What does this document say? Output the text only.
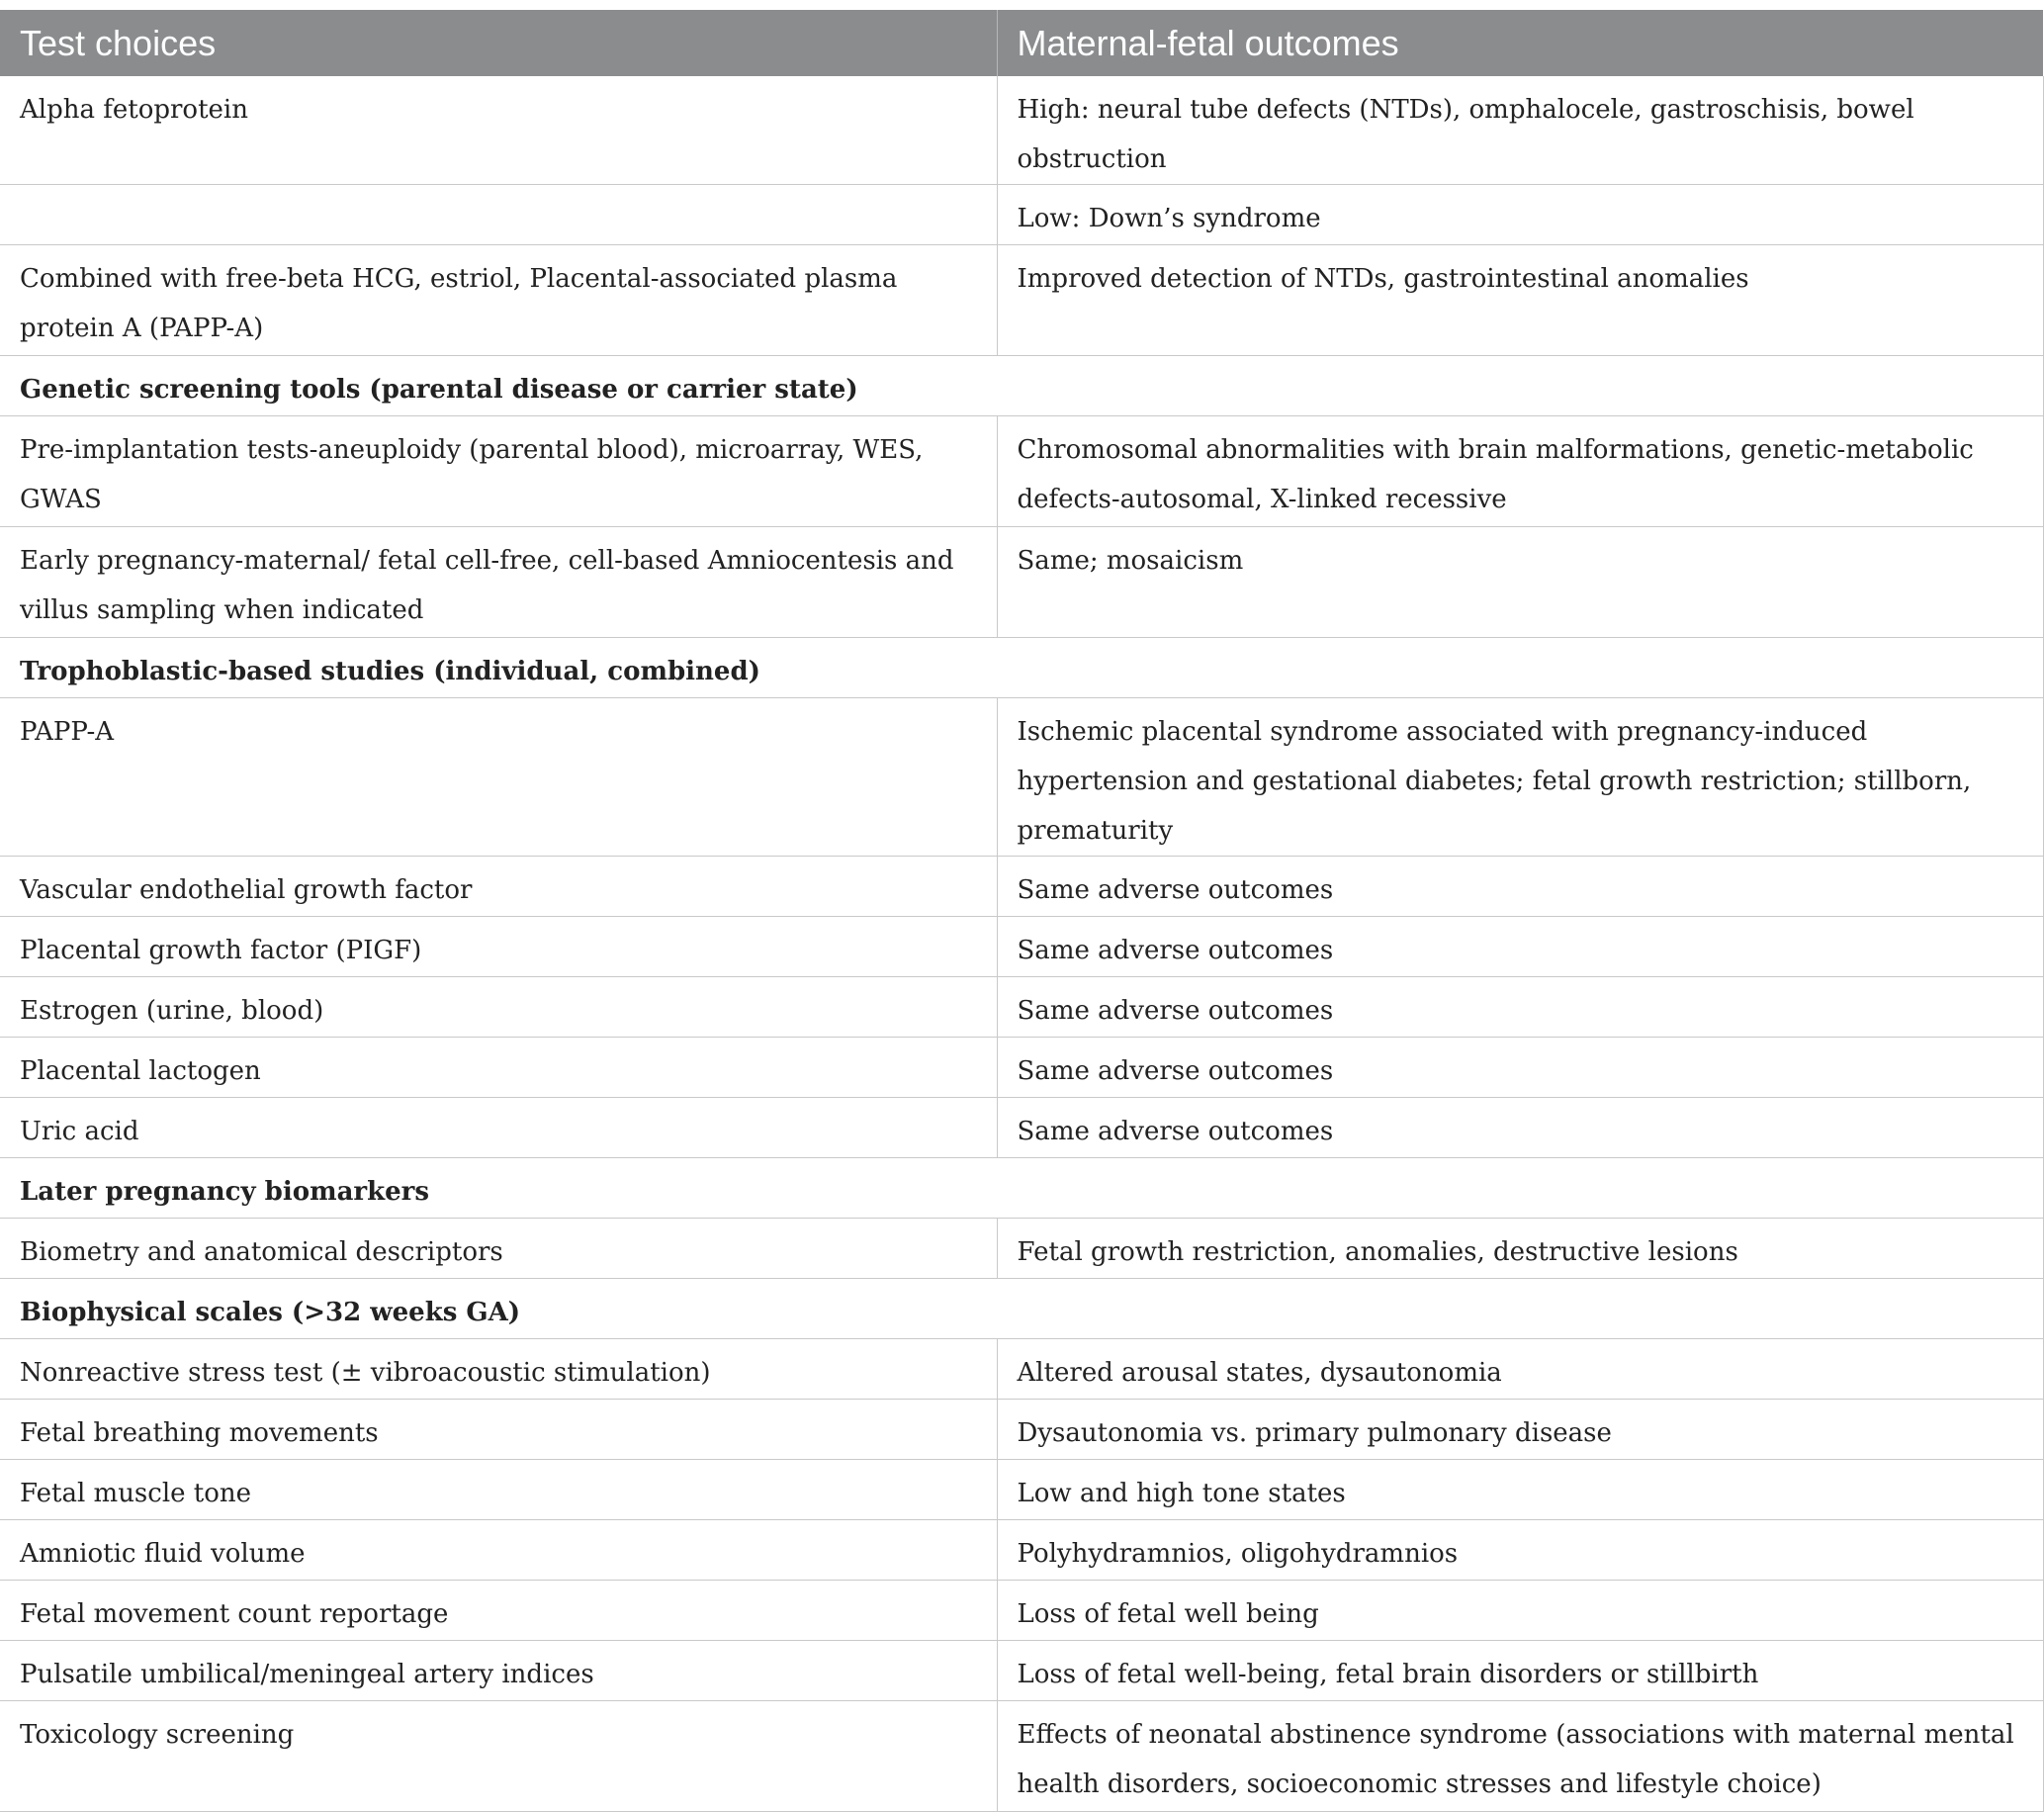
Test choices	Maternal-fetal outcomes
Alpha fetoprotein	High: neural tube defects (NTDs), omphalocele, gastroschisis, bowel obstruction
	Low: Down’s syndrome
Combined with free-beta HCG, estriol, Placental-associated plasma protein A (PAPP-A)	Improved detection of NTDs, gastrointestinal anomalies
Genetic screening tools (parental disease or carrier state)	
Pre-implantation tests-aneuploidy (parental blood), microarray, WES, GWAS	Chromosomal abnormalities with brain malformations, genetic-metabolic defects-autosomal, X-linked recessive
Early pregnancy-maternal/ fetal cell-free, cell-based Amniocentesis and villus sampling when indicated	Same; mosaicism
Trophoblastic-based studies (individual, combined)	
PAPP-A	Ischemic placental syndrome associated with pregnancy-induced hypertension and gestational diabetes; fetal growth restriction; stillborn, prematurity
Vascular endothelial growth factor	Same adverse outcomes
Placental growth factor (PIGF)	Same adverse outcomes
Estrogen (urine, blood)	Same adverse outcomes
Placental lactogen	Same adverse outcomes
Uric acid	Same adverse outcomes
Later pregnancy biomarkers	
Biometry and anatomical descriptors	Fetal growth restriction, anomalies, destructive lesions
Biophysical scales (>32 weeks GA)	
Nonreactive stress test (± vibroacoustic stimulation)	Altered arousal states, dysautonomia
Fetal breathing movements	Dysautonomia vs. primary pulmonary disease
Fetal muscle tone	Low and high tone states
Amniotic fluid volume	Polyhydramnios, oligohydramnios
Fetal movement count reportage	Loss of fetal well being
Pulsatile umbilical/meningeal artery indices	Loss of fetal well-being, fetal brain disorders or stillbirth
Toxicology screening	Effects of neonatal abstinence syndrome (associations with maternal mental health disorders, socioeconomic stresses and lifestyle choice)
